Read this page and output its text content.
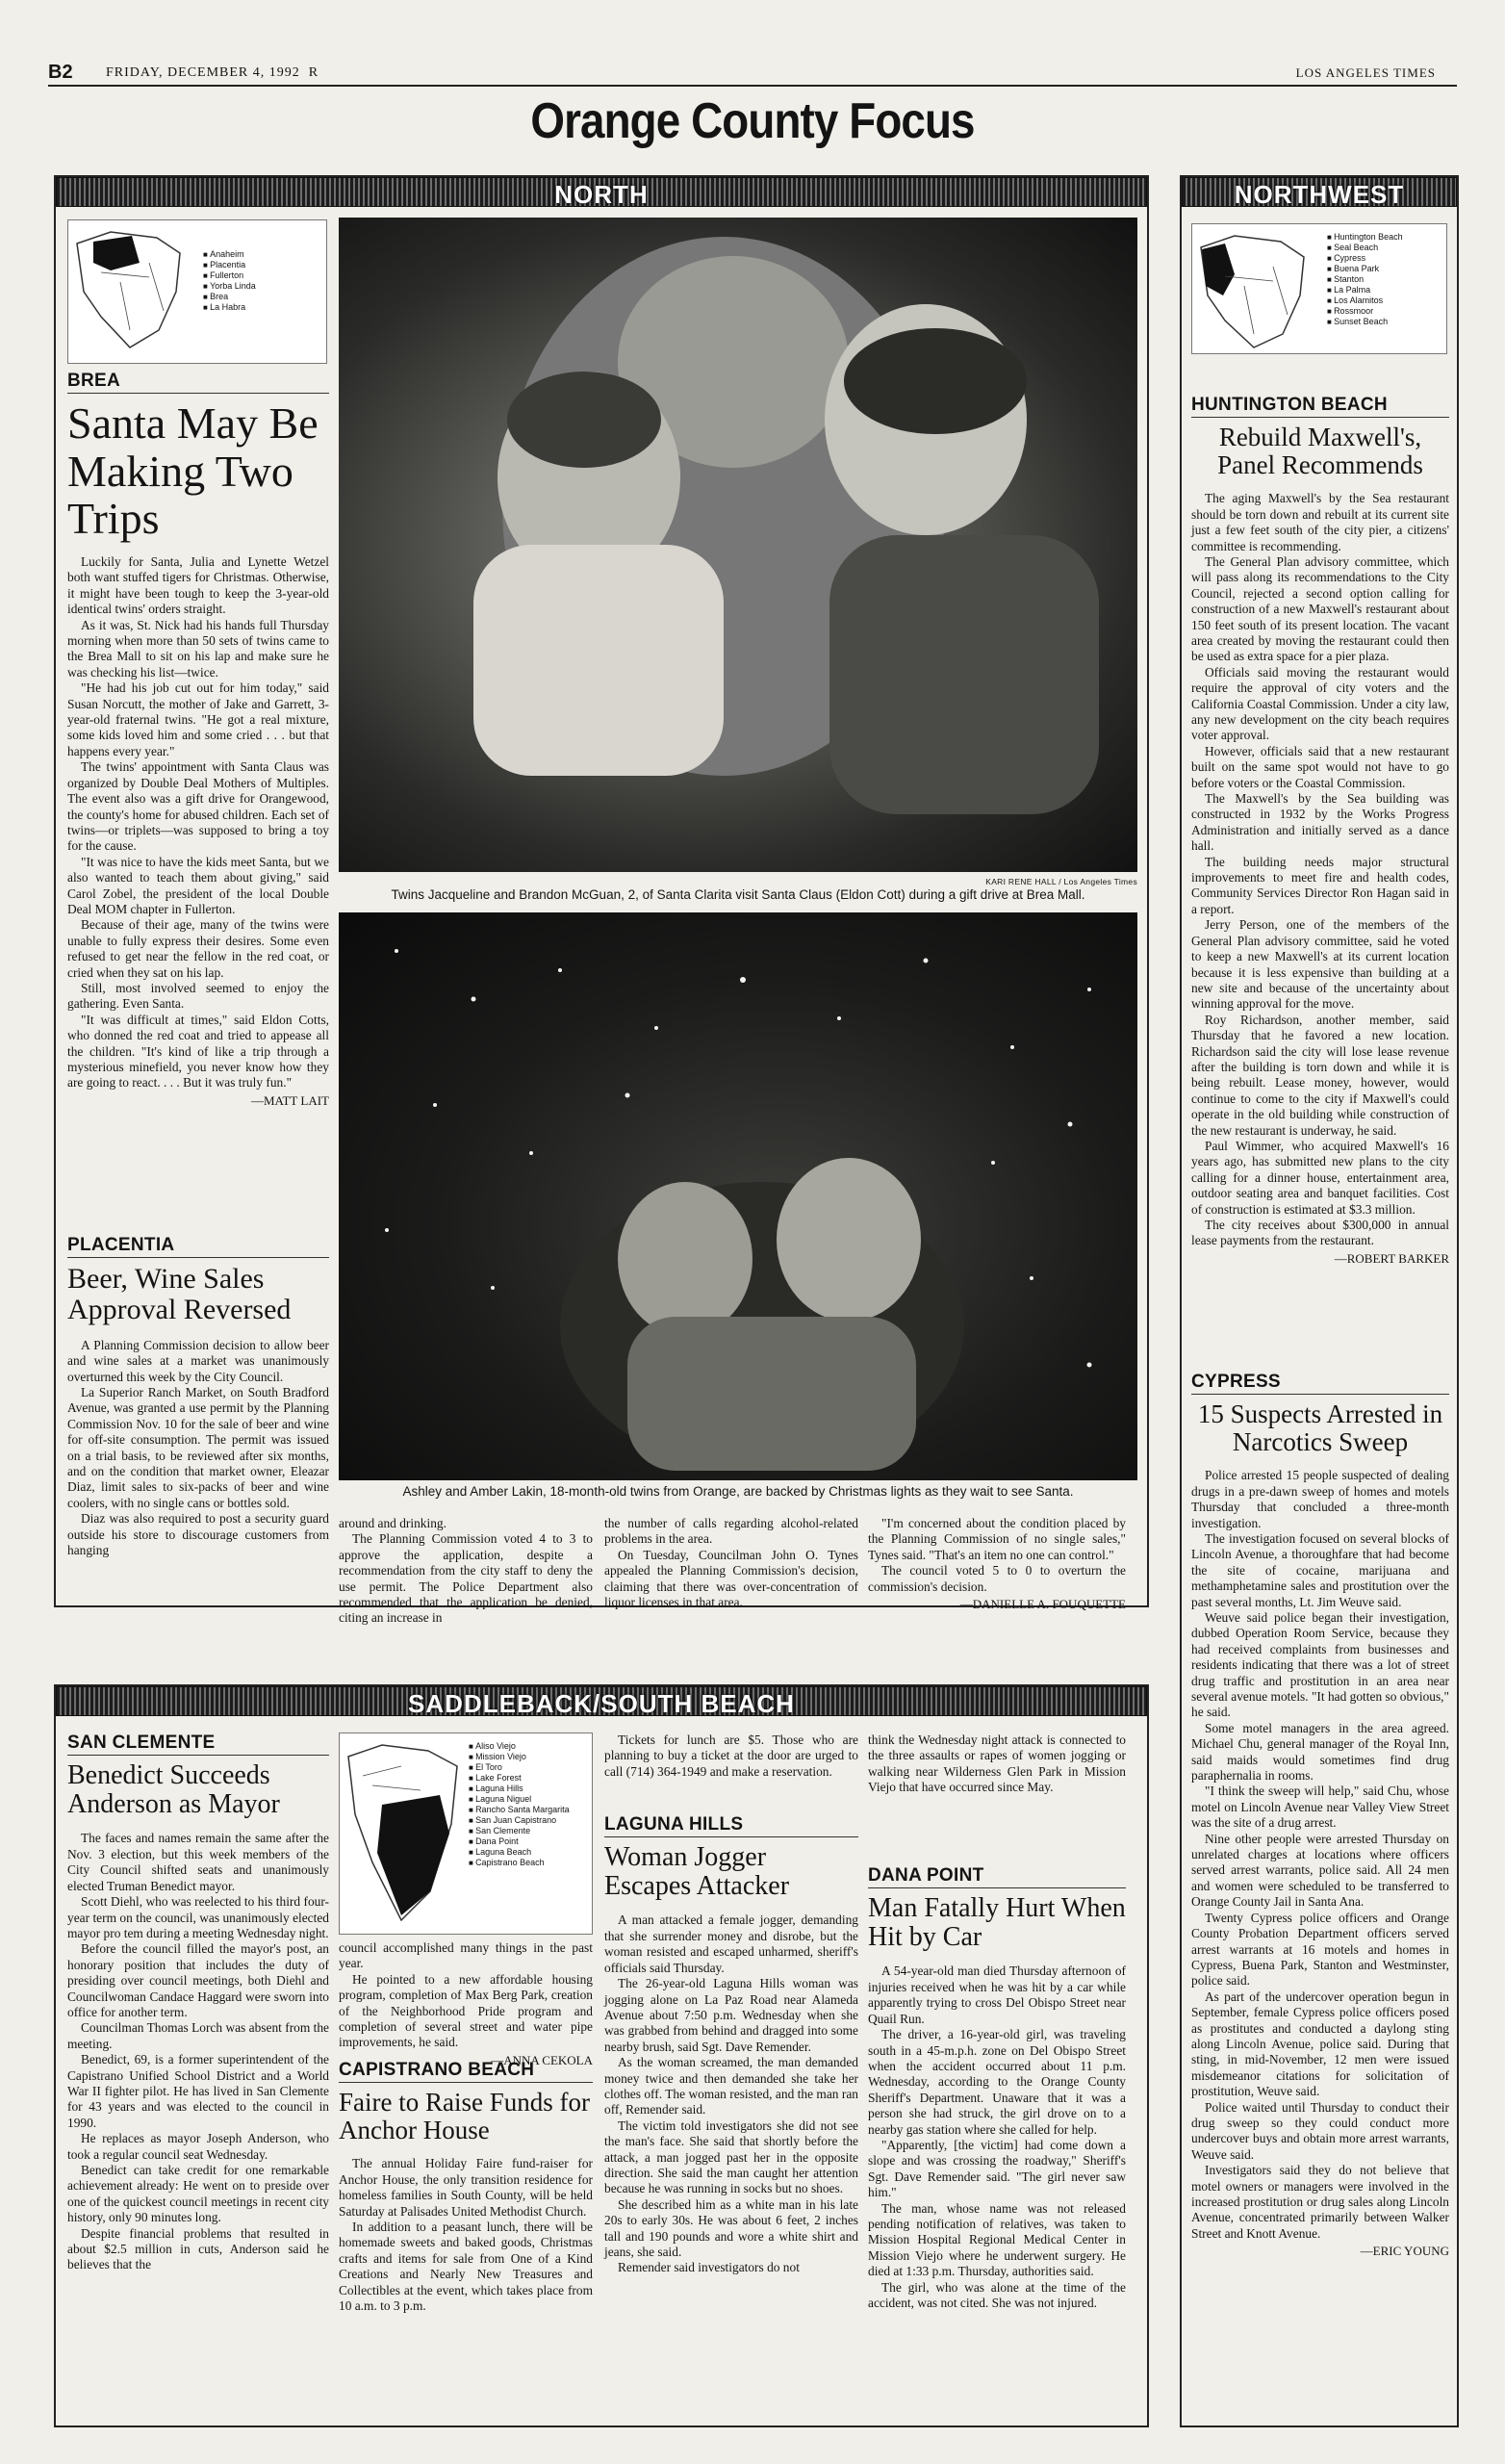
B2 FRIDAY, DECEMBER 4, 1992 R	LOS ANGELES TIMES
Orange County Focus
NORTH
■ Anaheim
■ Placentia
■ Fullerton
■ Yorba Linda
■ Brea
■ La Habra
BREA
Santa May Be Making Two Trips

Luckily for Santa, Julia and Lynette Wetzel both want stuffed tigers for Christmas. Otherwise, it might have been tough to keep the 3-year-old identical twins' orders straight.

As it was, St. Nick had his hands full Thursday morning when more than 50 sets of twins came to the Brea Mall to sit on his lap and make sure he was checking his list—twice.

"He had his job cut out for him today," said Susan Norcutt, the mother of Jake and Garrett, 3-year-old fraternal twins. "He got a real mixture, some kids loved him and some cried . . . but that happens every year."

The twins' appointment with Santa Claus was organized by Double Deal Mothers of Multiples. The event also was a gift drive for Orangewood, the county's home for abused children. Each set of twins—or triplets—was supposed to bring a toy for the cause.

"It was nice to have the kids meet Santa, but we also wanted to teach them about giving," said Carol Zobel, the president of the local Double Deal MOM chapter in Fullerton.

Because of their age, many of the twins were unable to fully express their desires. Some even refused to get near the fellow in the red coat, or cried when they sat on his lap.

Still, most involved seemed to enjoy the gathering. Even Santa.

"It was difficult at times," said Eldon Cotts, who donned the red coat and tried to appease all the children. "It's kind of like a trip through a mysterious minefield, you never know how they are going to react. . . . But it was truly fun."

—MATT LAIT
PLACENTIA
Beer, Wine Sales Approval Reversed

A Planning Commission decision to allow beer and wine sales at a market was unanimously overturned this week by the City Council.

La Superior Ranch Market, on South Bradford Avenue, was granted a use permit by the Planning Commission Nov. 10 for the sale of beer and wine for off-site consumption. The permit was issued on a trial basis, to be reviewed after six months, and on the condition that market owner, Eleazar Diaz, limit sales to six-packs of beer and wine coolers, with no single cans or bottles sold.

Diaz was also required to post a security guard outside his store to discourage customers from hanging

around and drinking.

The Planning Commission voted 4 to 3 to approve the application, despite a recommendation from the city staff to deny the use permit. The Police Department also recommended that the application be denied, citing an increase in

the number of calls regarding alcohol-related problems in the area.

On Tuesday, Councilman John O. Tynes appealed the Planning Commission's decision, claiming that there was over-concentration of liquor licenses in that area.

"I'm concerned about the condition placed by the Planning Commission of no single sales," Tynes said. "That's an item no one can control."

The council voted 5 to 0 to overturn the commission's decision.

—DANIELLE A. FOUQUETTE
KARI RENE HALL / Los Angeles Times
Twins Jacqueline and Brandon McGuan, 2, of Santa Clarita visit Santa Claus (Eldon Cott) during a gift drive at Brea Mall.
Ashley and Amber Lakin, 18-month-old twins from Orange, are backed by Christmas lights as they wait to see Santa.
NORTHWEST
■ Huntington Beach
■ Seal Beach
■ Cypress
■ Buena Park
■ Stanton
■ La Palma
■ Los Alamitos
■ Rossmoor
■ Sunset Beach
HUNTINGTON BEACH
Rebuild Maxwell's, Panel Recommends

The aging Maxwell's by the Sea restaurant should be torn down and rebuilt at its current site just a few feet south of the city pier, a citizens' committee is recommending.

The General Plan advisory committee, which will pass along its recommendations to the City Council, rejected a second option calling for construction of a new Maxwell's restaurant about 150 feet south of its present location. The vacant area created by moving the restaurant could then be used as extra space for a pier plaza.

Officials said moving the restaurant would require the approval of city voters and the California Coastal Commission. Under a city law, any new development on the city beach requires voter approval.

However, officials said that a new restaurant built on the same spot would not have to go before voters or the Coastal Commission.

The Maxwell's by the Sea building was constructed in 1932 by the Works Progress Administration and initially served as a dance hall.

The building needs major structural improvements to meet fire and health codes, Community Services Director Ron Hagan said in a report.

Jerry Person, one of the members of the General Plan advisory committee, said he voted to keep a new Maxwell's at its current location because it is less expensive than building at a new site and because of the uncertainty about winning approval for the move.

Roy Richardson, another member, said Thursday that he favored a new location. Richardson said the city will lose lease revenue after the building is torn down and while it is being rebuilt. Lease money, however, would continue to come to the city if Maxwell's could operate in the old building while construction of the new restaurant is underway, he said.

Paul Wimmer, who acquired Maxwell's 16 years ago, has submitted new plans to the city calling for a dinner house, entertainment area, outdoor seating area and banquet facilities. Cost of construction is estimated at $3.3 million.

The city receives about $300,000 in annual lease payments from the restaurant.

—ROBERT BARKER
CYPRESS
15 Suspects Arrested in Narcotics Sweep

Police arrested 15 people suspected of dealing drugs in a pre-dawn sweep of homes and motels Thursday that concluded a three-month investigation.

The investigation focused on several blocks of Lincoln Avenue, a thoroughfare that had become the site of cocaine, marijuana and methamphetamine sales and prostitution over the past several months, Lt. Jim Weuve said.

Weuve said police began their investigation, dubbed Operation Room Service, because they had received complaints from businesses and residents indicating that there was a lot of street drug traffic and prostitution in an area near several avenue motels. "It had gotten so obvious," he said.

Some motel managers in the area agreed. Michael Chu, general manager of the Royal Inn, said maids would sometimes find drug paraphernalia in rooms.

"I think the sweep will help," said Chu, whose motel on Lincoln Avenue near Valley View Street was the site of a drug arrest.

Nine other people were arrested Thursday on unrelated charges at locations where officers served arrest warrants, police said. All 24 men and women were scheduled to be transferred to Orange County Jail in Santa Ana.

Twenty Cypress police officers and Orange County Probation Department officers served arrest warrants at 16 motels and homes in Cypress, Buena Park, Stanton and Westminster, police said.

As part of the undercover operation begun in September, female Cypress police officers posed as prostitutes and conducted a daylong sting along Lincoln Avenue, police said. During that sting, in mid-November, 12 men were issued misdemeanor citations for solicitation of prostitution, Weuve said.

Police waited until Thursday to conduct their drug sweep so they could conduct more undercover buys and obtain more arrest warrants, Weuve said.

Investigators said they do not believe that motel owners or managers were involved in the increased prostitution or drug sales along Lincoln Avenue, concentrated primarily between Walker Street and Knott Avenue.

—ERIC YOUNG
SADDLEBACK/SOUTH BEACH
SAN CLEMENTE
Benedict Succeeds Anderson as Mayor

The faces and names remain the same after the Nov. 3 election, but this week members of the City Council shifted seats and unanimously elected Truman Benedict mayor.

Scott Diehl, who was reelected to his third four-year term on the council, was unanimously elected mayor pro tem during a meeting Wednesday night.

Before the council filled the mayor's post, an honorary position that includes the duty of presiding over council meetings, both Diehl and Councilwoman Candace Haggard were sworn into office for another term.

Councilman Thomas Lorch was absent from the meeting.

Benedict, 69, is a former superintendent of the Capistrano Unified School District and a World War II fighter pilot. He has lived in San Clemente for 43 years and was elected to the council in 1990.

He replaces as mayor Joseph Anderson, who took a regular council seat Wednesday.

Benedict can take credit for one remarkable achievement already: He went on to preside over one of the quickest council meetings in recent city history, only 90 minutes long.

Despite financial problems that resulted in about $2.5 million in cuts, Anderson said he believes that the

■ Aliso Viejo
■ Mission Viejo
■ El Toro
■ Lake Forest
■ Laguna Hills
■ Laguna Niguel
■ Rancho Santa Margarita
■ San Juan Capistrano
■ San Clemente
■ Dana Point
■ Laguna Beach
■ Capistrano Beach

council accomplished many things in the past year.

He pointed to a new affordable housing program, completion of Max Berg Park, creation of the Neighborhood Pride program and completion of several street and water pipe improvements, he said.

—ANNA CEKOLA
CAPISTRANO BEACH
Faire to Raise Funds for Anchor House

The annual Holiday Faire fund-raiser for Anchor House, the only transition residence for homeless families in South County, will be held Saturday at Palisades United Methodist Church.

In addition to a peasant lunch, there will be homemade sweets and baked goods, Christmas crafts and items for sale from One of a Kind Creations and Nearly New Treasures and Collectibles at the event, which takes place from 10 a.m. to 3 p.m.

Tickets for lunch are $5. Those who are planning to buy a ticket at the door are urged to call (714) 364-1949 and make a reservation.

LAGUNA HILLS
Woman Jogger Escapes Attacker

A man attacked a female jogger, demanding that she surrender money and disrobe, but the woman resisted and escaped unharmed, sheriff's officials said Thursday.

The 26-year-old Laguna Hills woman was jogging alone on La Paz Road near Alameda Avenue about 7:50 p.m. Wednesday when she was grabbed from behind and dragged into some nearby brush, said Sgt. Dave Remender.

As the woman screamed, the man demanded money twice and then demanded she take her clothes off. The woman resisted, and the man ran off, Remender said.

The victim told investigators she did not see the man's face. She said that shortly before the attack, a man jogged past her in the opposite direction. She said the man caught her attention because he was running in socks but no shoes.

She described him as a white man in his late 20s to early 30s. He was about 6 feet, 2 inches tall and 190 pounds and wore a white shirt and jeans, she said.

Remender said investigators do not

think the Wednesday night attack is connected to the three assaults or rapes of women jogging or walking near Wilderness Glen Park in Mission Viejo that have occurred since May.

DANA POINT
Man Fatally Hurt When Hit by Car

A 54-year-old man died Thursday afternoon of injuries received when he was hit by a car while apparently trying to cross Del Obispo Street near Quail Run.

The driver, a 16-year-old girl, was traveling south in a 45-m.p.h. zone on Del Obispo Street when the accident occurred about 11 p.m. Wednesday, according to the Orange County Sheriff's Department. Unaware that it was a person she had struck, the girl drove on to a nearby gas station where she called for help.

"Apparently, [the victim] had come down a slope and was crossing the roadway," Sheriff's Sgt. Dave Remender said. "The girl never saw him."

The man, whose name was not released pending notification of relatives, was taken to Mission Hospital Regional Medical Center in Mission Viejo where he underwent surgery. He died at 1:33 p.m. Thursday, authorities said.

The girl, who was alone at the time of the accident, was not cited. She was not injured.
